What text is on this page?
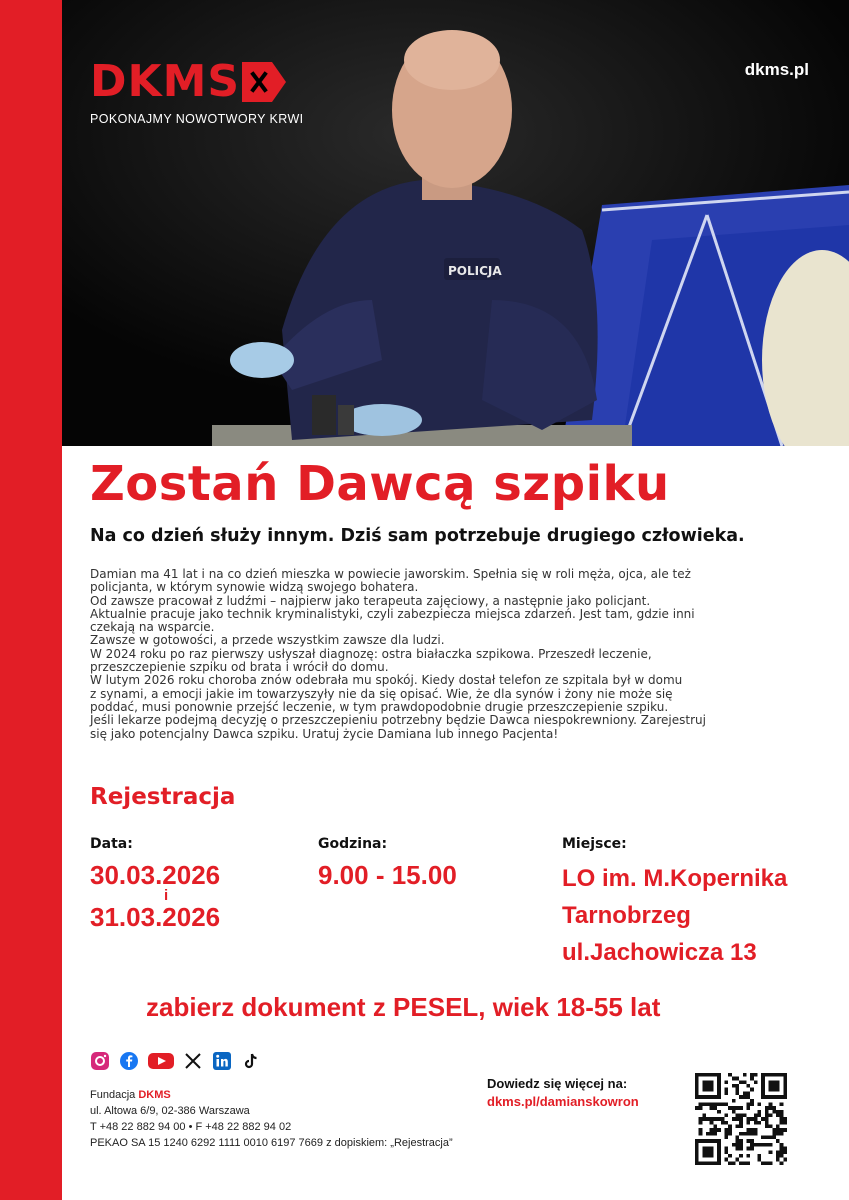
POLICJA
DKMS
POKONAJMY NOWOTWORY KRWI
dkms.pl
Zostań Dawcą szpiku
Na co dzień służy innym. Dziś sam potrzebuje drugiego człowieka.

Damian ma 41 lat i na co dzień mieszka w powiecie jaworskim. Spełnia się w roli męża, ojca, ale też

policjanta, w którym synowie widzą swojego bohatera.

Od zawsze pracował z ludźmi – najpierw jako terapeuta zajęciowy, a następnie jako policjant.

Aktualnie pracuje jako technik kryminalistyki, czyli zabezpiecza miejsca zdarzeń. Jest tam, gdzie inni

czekają na wsparcie.

Zawsze w gotowości, a przede wszystkim zawsze dla ludzi.

W 2024 roku po raz pierwszy usłyszał diagnozę: ostra białaczka szpikowa. Przeszedł leczenie,

przeszczepienie szpiku od brata i wrócił do domu.

W lutym 2026 roku choroba znów odebrała mu spokój. Kiedy dostał telefon ze szpitala był w domu

z synami, a emocji jakie im towarzyszyły nie da się opisać. Wie, że dla synów i żony nie może się

poddać, musi ponownie przejść leczenie, w tym prawdopodobnie drugie przeszczepienie szpiku.

Jeśli lekarze podejmą decyzję o przeszczepieniu potrzebny będzie Dawca niespokrewniony. Zarejestruj

się jako potencjalny Dawca szpiku. Uratuj życie Damiana lub innego Pacjenta!

Rejestracja
Data:
30.03.2026
i
31.03.2026
Godzina:
9.00 - 15.00
Miejsce:
LO im. M.Kopernika
Tarnobrzeg
ul.Jachowicza 13
zabierz dokument z PESEL, wiek 18-55 lat
Fundacja DKMS
ul. Altowa 6/9, 02-386 Warszawa
T +48 22 882 94 00 • F +48 22 882 94 02
PEKAO SA 15 1240 6292 1111 0010 6197 7669 z dopiskiem: „Rejestracja”
Dowiedz się więcej na:
dkms.pl/damianskowron
